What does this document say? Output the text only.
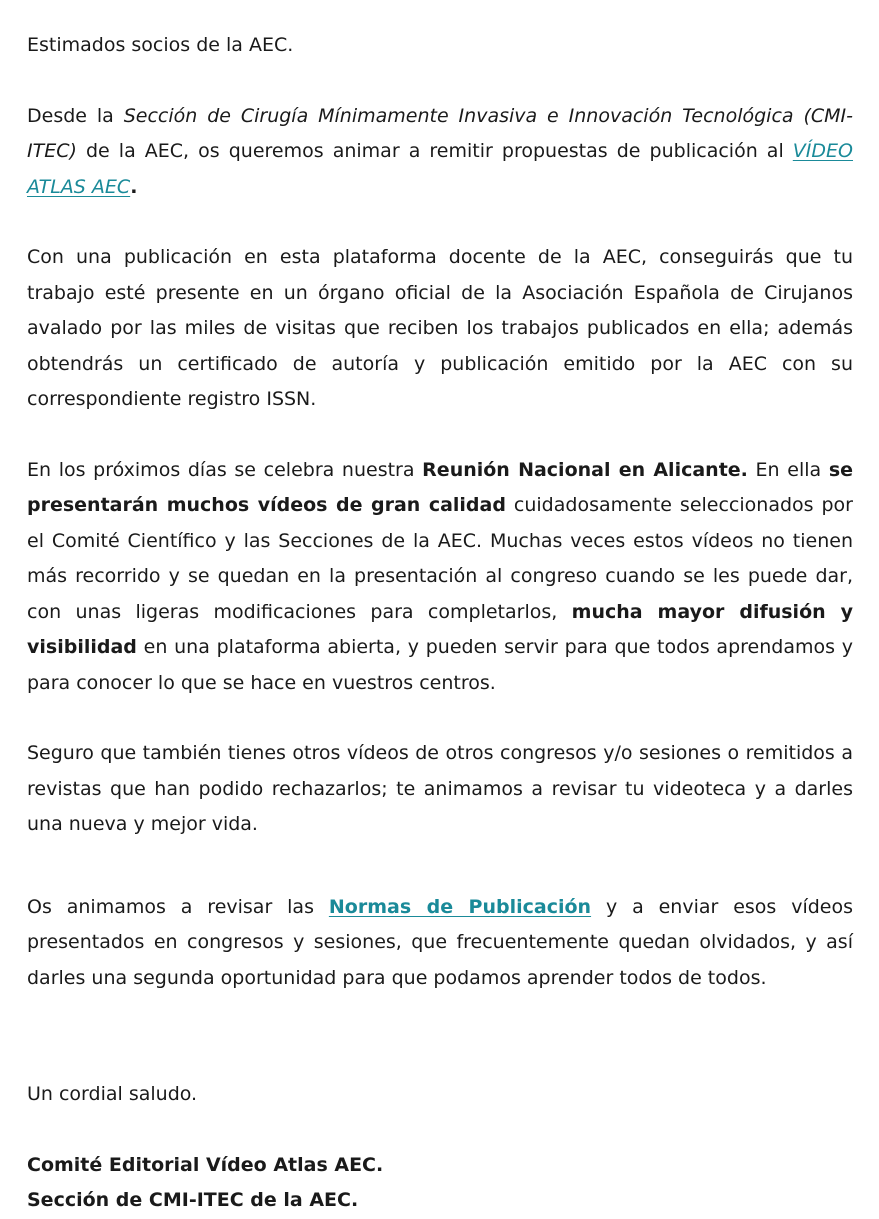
Estimados socios de la AEC.

Desde la Sección de Cirugía Mínimamente Invasiva e Innovación Tecnológica (CMI-ITEC) de la AEC, os queremos animar a remitir propuestas de publicación al VÍDEO ATLAS AEC.

Con una publicación en esta plataforma docente de la AEC, conseguirás que tu trabajo esté presente en un órgano oficial de la Asociación Española de Cirujanos avalado por las miles de visitas que reciben los trabajos publicados en ella; además obtendrás un certificado de autoría y publicación emitido por la AEC con su correspondiente registro ISSN.

En los próximos días se celebra nuestra Reunión Nacional en Alicante. En ella se presentarán muchos vídeos de gran calidad cuidadosamente seleccionados por el Comité Científico y las Secciones de la AEC. Muchas veces estos vídeos no tienen más recorrido y se quedan en la presentación al congreso cuando se les puede dar, con unas ligeras modificaciones para completarlos, mucha mayor difusión y visibilidad en una plataforma abierta, y pueden servir para que todos aprendamos y para conocer lo que se hace en vuestros centros.

Seguro que también tienes otros vídeos de otros congresos y/o sesiones o remitidos a revistas que han podido rechazarlos; te animamos a revisar tu videoteca y a darles una nueva y mejor vida.

Os animamos a revisar las Normas de Publicación y a enviar esos vídeos presentados en congresos y sesiones, que frecuentemente quedan olvidados, y así darles una segunda oportunidad para que podamos aprender todos de todos.

Un cordial saludo.

Comité Editorial Vídeo Atlas AEC.

Sección de CMI-ITEC de la AEC.
